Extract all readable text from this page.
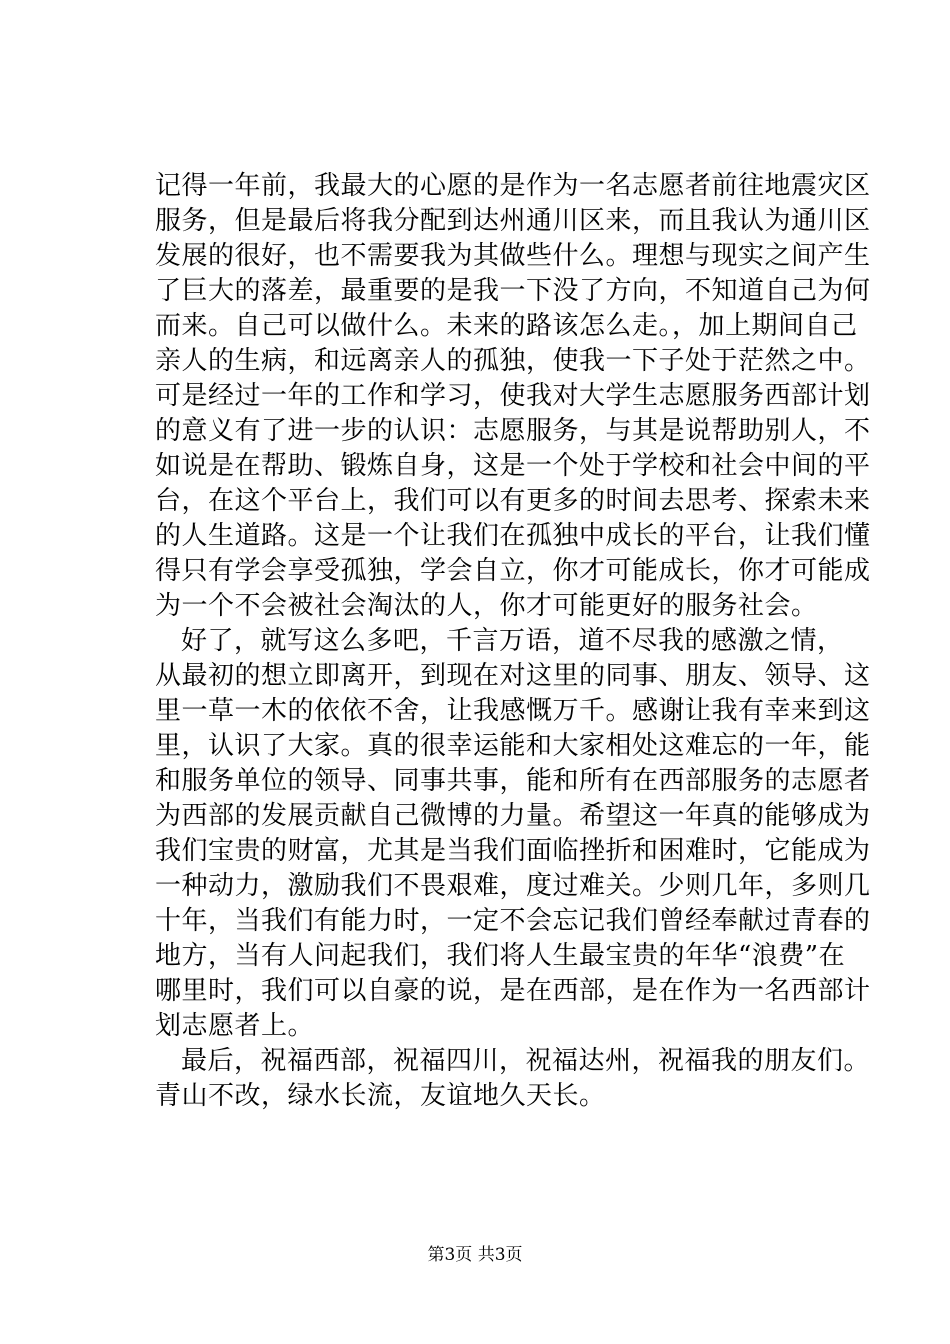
记得一年前，我最大的心愿的是作为一名志愿者前往地震灾区
服务，但是最后将我分配到达州通川区来，而且我认为通川区
发展的很好，也不需要我为其做些什么。理想与现实之间产生
了巨大的落差，最重要的是我一下没了方向，不知道自己为何
而来。自己可以做什么。未来的路该怎么走。，加上期间自己
亲人的生病，和远离亲人的孤独，使我一下子处于茫然之中。
可是经过一年的工作和学习，使我对大学生志愿服务西部计划
的意义有了进一步的认识：志愿服务，与其是说帮助别人，不
如说是在帮助、锻炼自身，这是一个处于学校和社会中间的平
台，在这个平台上，我们可以有更多的时间去思考、探索未来
的人生道路。这是一个让我们在孤独中成长的平台，让我们懂
得只有学会享受孤独，学会自立，你才可能成长，你才可能成
为一个不会被社会淘汰的人，你才可能更好的服务社会。
好了，就写这么多吧，千言万语，道不尽我的感激之情，
从最初的想立即离开，到现在对这里的同事、朋友、领导、这
里一草一木的依依不舍，让我感慨万千。感谢让我有幸来到这
里，认识了大家。真的很幸运能和大家相处这难忘的一年，能
和服务单位的领导、同事共事，能和所有在西部服务的志愿者
为西部的发展贡献自己微博的力量。希望这一年真的能够成为
我们宝贵的财富，尤其是当我们面临挫折和困难时，它能成为
一种动力，激励我们不畏艰难，度过难关。少则几年，多则几
十年，当我们有能力时，一定不会忘记我们曾经奉献过青春的
地方，当有人问起我们，我们将人生最宝贵的年华“浪费”在
哪里时，我们可以自豪的说，是在西部，是在作为一名西部计
划志愿者上。
最后，祝福西部，祝福四川，祝福达州，祝福我的朋友们。
青山不改，绿水长流，友谊地久天长。
第3页 共3页
